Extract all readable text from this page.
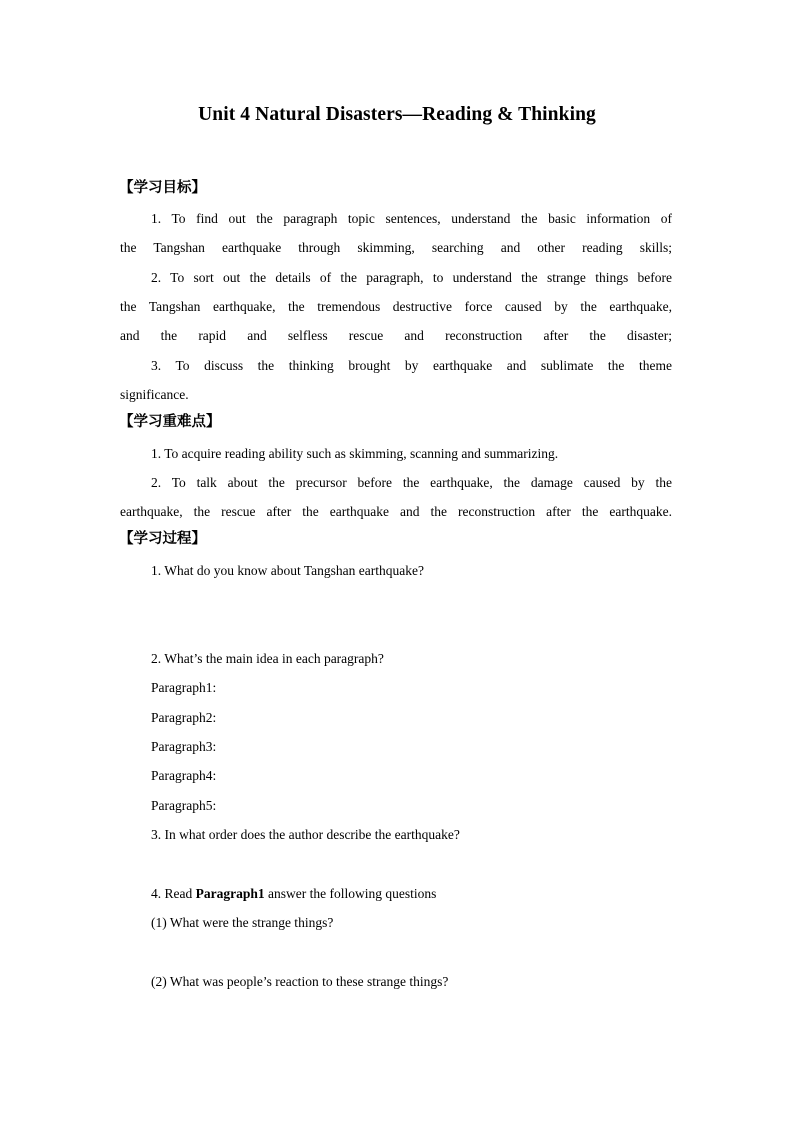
Unit 4 Natural Disasters—Reading & Thinking
【学习目标】
1. To find out the paragraph topic sentences, understand the basic information of
the Tangshan earthquake through skimming, searching and other reading skills;
2. To sort out the details of the paragraph, to understand the strange things before
the Tangshan earthquake, the tremendous destructive force caused by the earthquake,
and the rapid and selfless rescue and reconstruction after the disaster;
3. To discuss the thinking brought by earthquake and sublimate the theme
significance.
【学习重难点】
1. To acquire reading ability such as skimming, scanning and summarizing.
2. To talk about the precursor before the earthquake, the damage caused by the
earthquake, the rescue after the earthquake and the reconstruction after the earthquake.
【学习过程】
1. What do you know about Tangshan earthquake?
2. What’s the main idea in each paragraph?
Paragraph1:
Paragraph2:
Paragraph3:
Paragraph4:
Paragraph5:
3. In what order does the author describe the earthquake?
4. Read Paragraph1 answer the following questions
(1) What were the strange things?
(2) What was people’s reaction to these strange things?
